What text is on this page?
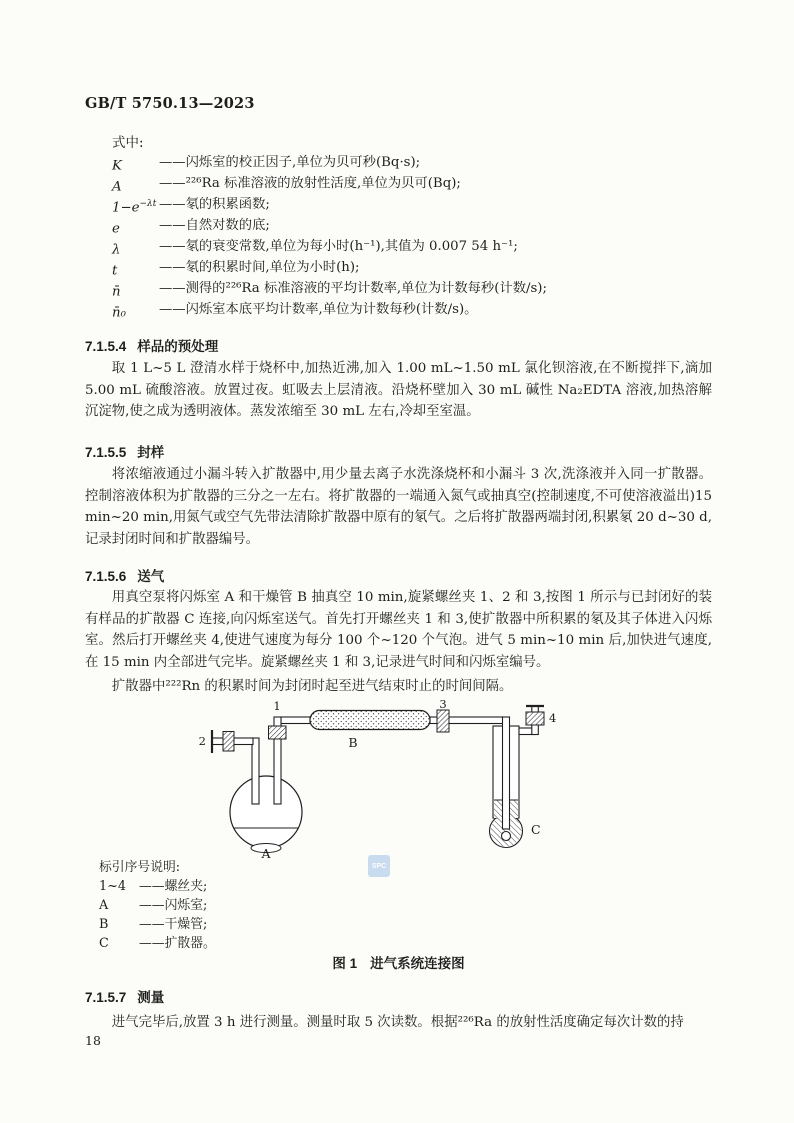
GB/T 5750.13—2023
式中:
K	——闪烁室的校正因子,单位为贝可秒(Bq·s);
A	——²²⁶Ra 标准溶液的放射性活度,单位为贝可(Bq);
$1-e^{-\lambda t}$ ——氡的积累函数;
e	——自然对数的底;
λ	——氡的衰变常数,单位为每小时(h⁻¹),其值为 0.007 54 h⁻¹;
t	——氡的积累时间,单位为小时(h);
n̄	——测得的²²⁶Ra 标准溶液的平均计数率,单位为计数每秒(计数/s);
n̄₀	——闪烁室本底平均计数率,单位为计数每秒(计数/s)。
7.1.5.4 样品的预处理
取 1 L~5 L 澄清水样于烧杯中,加热近沸,加入 1.00 mL~1.50 mL 氯化钡溶液,在不断搅拌下,滴加 5.00 mL 硫酸溶液。放置过夜。虹吸去上层清液。沿烧杯壁加入 30 mL 碱性 Na₂EDTA 溶液,加热溶解沉淀物,使之成为透明液体。蒸发浓缩至 30 mL 左右,冷却至室温。
7.1.5.5 封样
将浓缩液通过小漏斗转入扩散器中,用少量去离子水洗涤烧杯和小漏斗 3 次,洗涤液并入同一扩散器。控制溶液体积为扩散器的三分之一左右。将扩散器的一端通入氮气或抽真空(控制速度,不可使溶液溢出)15 min~20 min,用氮气或空气先带法清除扩散器中原有的氡气。之后将扩散器两端封闭,积累氡 20 d~30 d,记录封闭时间和扩散器编号。
7.1.5.6 送气
用真空泵将闪烁室 A 和干燥管 B 抽真空 10 min,旋紧螺丝夹 1、2 和 3,按图 1 所示与已封闭好的装有样品的扩散器 C 连接,向闪烁室送气。首先打开螺丝夹 1 和 3,使扩散器中所积累的氡及其子体进入闪烁室。然后打开螺丝夹 4,使进气速度为每分 100 个~120 个气泡。进气 5 min~10 min 后,加快进气速度,在 15 min 内全部进气完毕。旋紧螺丝夹 1 和 3,记录进气时间和闪烁室编号。
扩散器中²²²Rn 的积累时间为封闭时起至进气结束时止的时间间隔。
1
2
3
4
A
B
C
SPC
标引序号说明:
1~4	——螺丝夹;
A	——闪烁室;
B	——干燥管;
C	——扩散器。
图 1 进气系统连接图
7.1.5.7 测量
进气完毕后,放置 3 h 进行测量。测量时取 5 次读数。根据²²⁶Ra 的放射性活度确定每次计数的持
18
